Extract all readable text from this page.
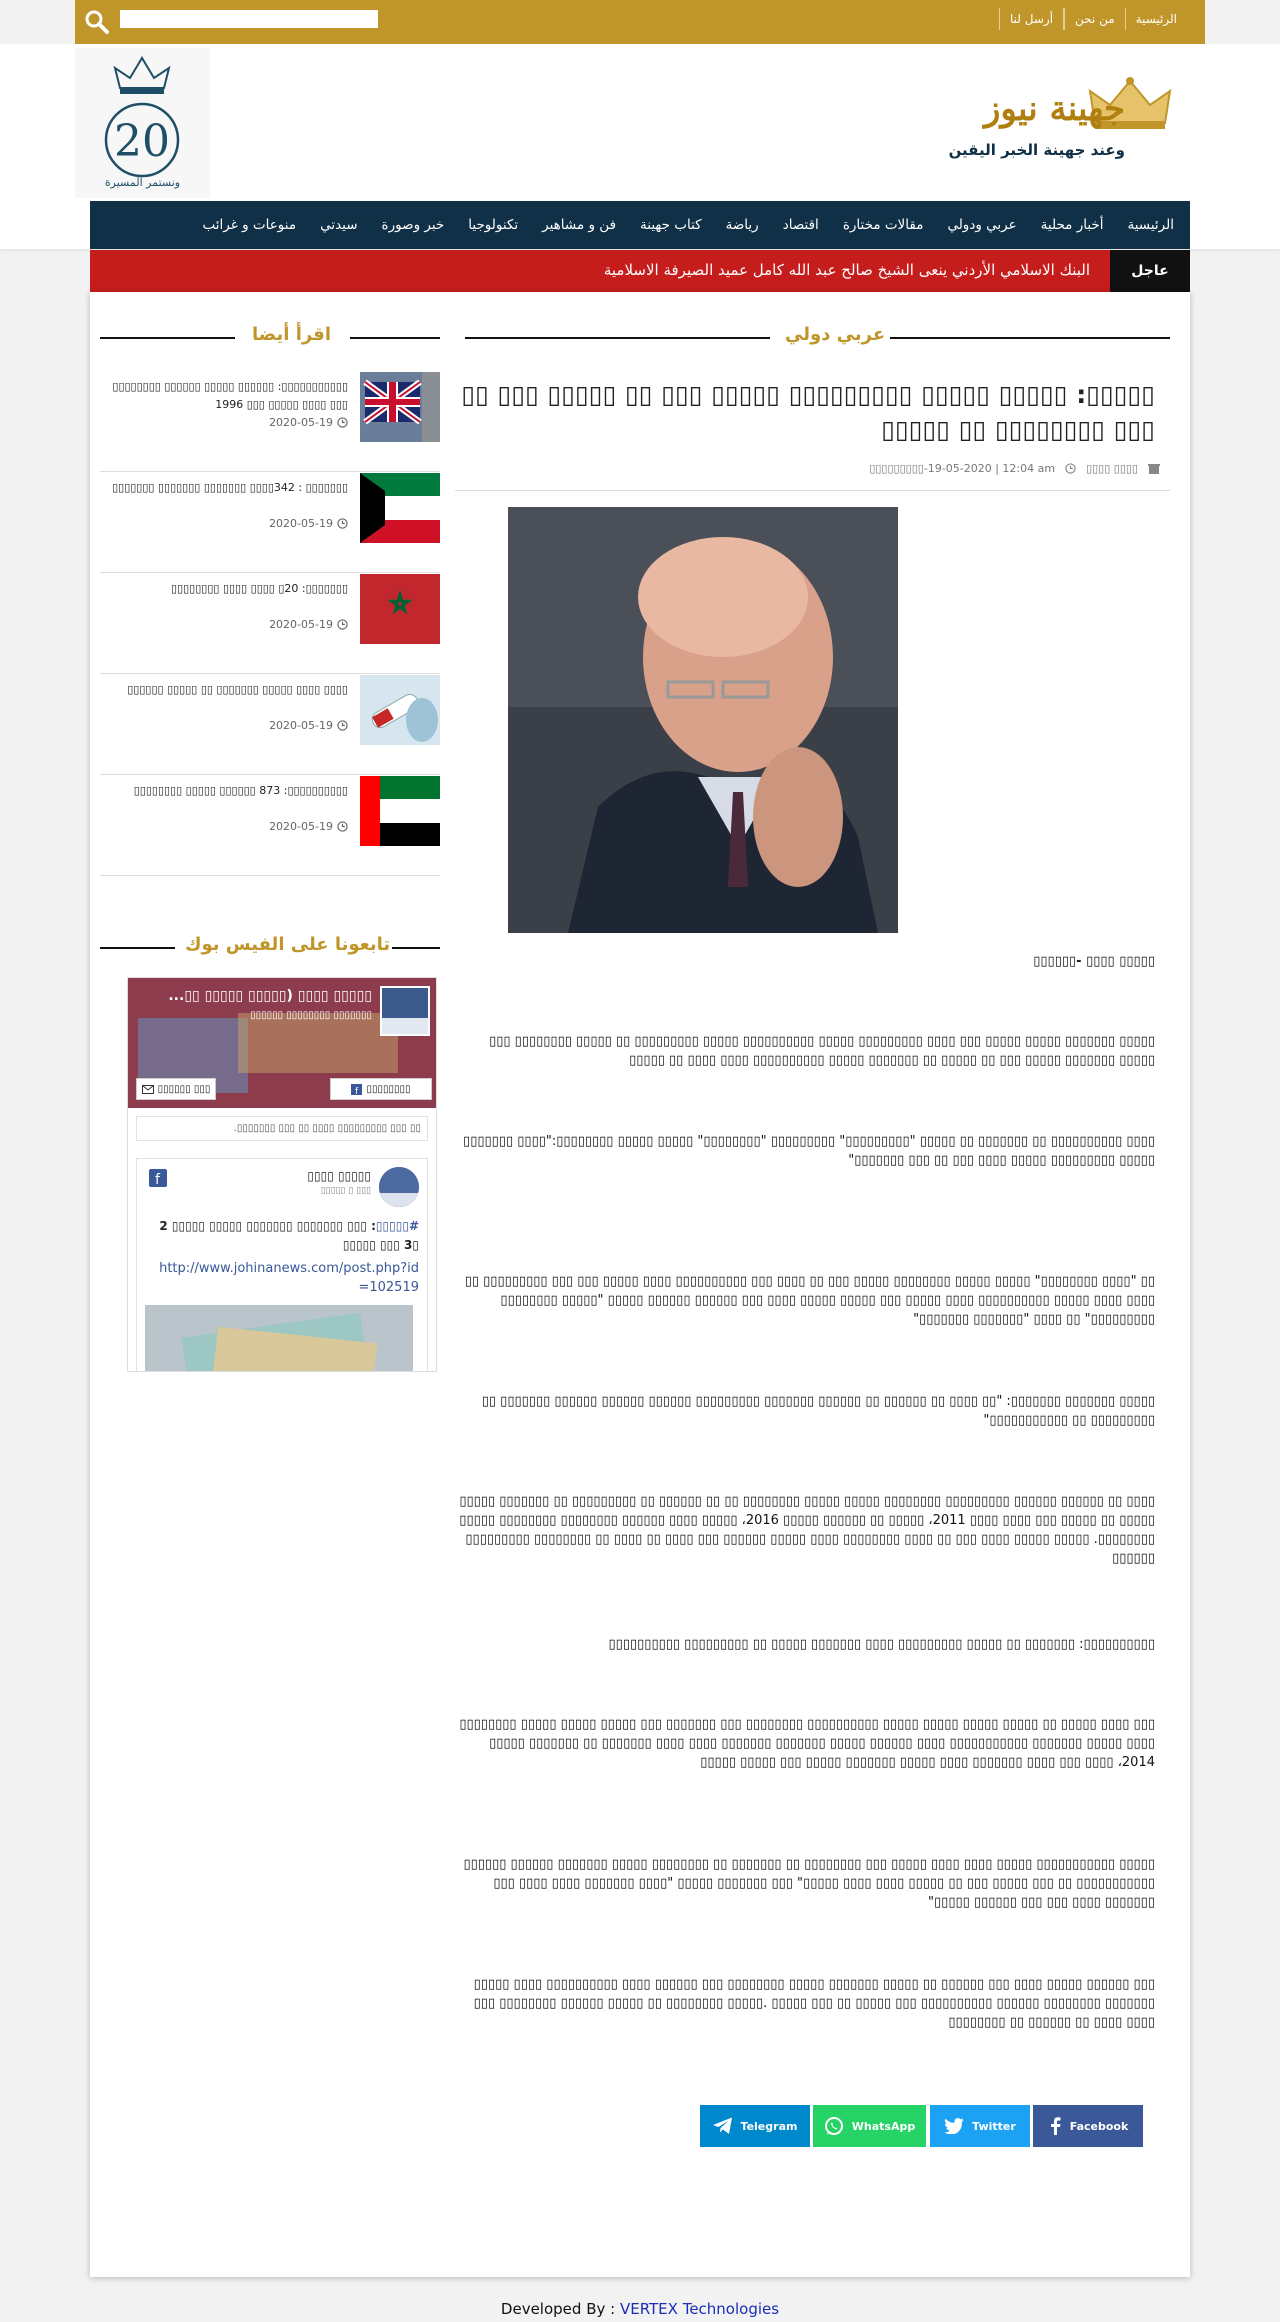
الرئيسية
من نحن
أرسل لنا
جهينة نيوز
وعند جهينة الخبر اليقين
20
ونستمر المسيرة
الرئيسية
أخبار محلية
عربي ودولي
مقالات مختارة
اقتصاد
رياضة
كتاب جهينة
فن و مشاهير
تكنولوجيا
خبر وصورة
سيدتي
منوعات و غرائب
عاجل
البنك الاسلامي الأردني ينعى الشيخ صالح عبد الله كامل عميد الصيرفة الاسلامية
عربي دولي
▯▯▯▯▯: ▯▯▯▯▯ ▯▯▯▯▯ ▯▯▯▯▯▯▯▯▯ ▯▯▯▯▯ ▯▯▯ ▯▯ ▯▯▯▯▯ ▯▯▯ ▯▯ ▯▯▯ ▯▯▯▯▯▯▯▯ ▯▯ ▯▯▯▯▯
▯▯▯▯ ▯▯▯▯
▯▯▯▯▯▯▯▯▯-19-05-2020 | 12:04 am
▯▯▯▯▯ ▯▯▯▯ -▯▯▯▯▯▯
▯▯▯▯▯ ▯▯▯▯▯▯▯ ▯▯▯▯▯ ▯▯▯▯▯ ▯▯▯ ▯▯▯▯ ▯▯▯▯▯▯▯▯▯ ▯▯▯▯▯ ▯▯▯▯▯▯▯▯▯▯ ▯▯▯▯▯ ▯▯▯▯▯▯▯▯▯ ▯▯ ▯▯▯▯▯ ▯▯▯▯▯▯▯▯ ▯▯▯ ▯▯▯▯▯ ▯▯▯▯▯▯▯ ▯▯▯▯▯ ▯▯▯ ▯▯ ▯▯▯▯▯ ▯▯ ▯▯▯▯▯▯▯ ▯▯▯▯▯ ▯▯▯▯▯▯▯▯▯▯ ▯▯▯▯ ▯▯▯▯ ▯▯ ▯▯▯▯▯
▯▯▯▯ ▯▯▯▯▯▯▯▯▯▯ ▯▯ ▯▯▯▯▯▯▯ ▯▯ ▯▯▯▯▯ "▯▯▯▯▯▯▯▯▯" ▯▯▯▯▯▯▯▯▯ "▯▯▯▯▯▯▯▯" ▯▯▯▯▯ ▯▯▯▯▯ ▯▯▯▯▯▯▯▯:"▯▯▯▯ ▯▯▯▯▯▯▯ ▯▯▯▯▯ ▯▯▯▯▯▯▯▯▯ ▯▯▯▯▯ ▯▯▯▯ ▯▯▯ ▯▯ ▯▯▯ ▯▯▯▯▯▯▯"
▯▯ "▯▯▯▯ ▯▯▯▯▯▯▯▯" ▯▯▯▯▯ ▯▯▯▯▯ ▯▯▯▯▯▯▯▯ ▯▯▯▯▯ ▯▯▯ ▯▯ ▯▯▯▯ ▯▯▯ ▯▯▯▯▯▯▯▯▯▯ ▯▯▯▯ ▯▯▯▯▯ ▯▯▯ ▯▯▯ ▯▯▯▯▯▯▯▯▯ ▯▯ ▯▯▯▯ ▯▯▯▯ ▯▯▯▯▯ ▯▯▯▯▯▯▯▯▯▯ ▯▯▯▯ ▯▯▯▯▯ ▯▯▯ ▯▯▯▯▯ ▯▯▯▯▯ ▯▯▯▯ ▯▯▯ ▯▯▯▯▯▯ ▯▯▯▯▯▯ ▯▯▯▯▯ "▯▯▯▯▯ ▯▯▯▯▯▯▯▯ ▯▯▯▯▯▯▯▯▯" ▯▯ ▯▯▯▯ "▯▯▯▯▯▯▯ ▯▯▯▯▯▯▯"
▯▯▯▯▯ ▯▯▯▯▯▯▯ ▯▯▯▯▯▯▯: "▯▯ ▯▯▯▯ ▯▯ ▯▯▯▯▯▯ ▯▯ ▯▯▯▯▯▯ ▯▯▯▯▯▯▯ ▯▯▯▯▯▯▯▯▯ ▯▯▯▯▯▯ ▯▯▯▯▯▯ ▯▯▯▯▯▯ ▯▯▯▯▯▯▯ ▯▯ ▯▯▯▯▯▯▯▯▯ ▯▯ ▯▯▯▯▯▯▯▯▯▯▯"
▯▯▯▯ ▯▯ ▯▯▯▯▯▯ ▯▯▯▯▯▯ ▯▯▯▯▯▯▯▯▯ ▯▯▯▯▯▯▯▯ ▯▯▯▯▯ ▯▯▯▯▯ ▯▯▯▯▯▯▯▯ ▯▯ ▯▯ ▯▯▯▯▯▯ ▯▯ ▯▯▯▯▯▯▯▯▯ ▯▯ ▯▯▯▯▯▯▯ ▯▯▯▯▯ ▯▯▯▯▯ ▯▯ ▯▯▯▯▯ ▯▯▯ ▯▯▯▯ ▯▯▯▯ 2011، ▯▯▯▯▯ ▯▯ ▯▯▯▯▯▯ ▯▯▯▯▯ 2016، ▯▯▯▯▯ ▯▯▯▯ ▯▯▯▯▯▯ ▯▯▯▯▯▯▯▯ ▯▯▯▯▯▯▯▯ ▯▯▯▯▯ ▯▯▯▯▯▯▯▯. ▯▯▯▯▯ ▯▯▯▯▯ ▯▯▯▯ ▯▯▯ ▯▯ ▯▯▯▯ ▯▯▯▯▯▯▯▯ ▯▯▯▯ ▯▯▯▯▯ ▯▯▯▯▯▯ ▯▯▯ ▯▯▯▯ ▯▯ ▯▯▯▯ ▯▯ ▯▯▯▯▯▯▯▯ ▯▯▯▯▯▯▯▯▯ ▯▯▯▯▯▯
▯▯▯▯▯▯▯▯▯▯: ▯▯▯▯▯▯▯ ▯▯ ▯▯▯▯▯ ▯▯▯▯▯▯▯▯▯ ▯▯▯▯ ▯▯▯▯▯▯▯ ▯▯▯▯▯ ▯▯ ▯▯▯▯▯▯▯▯▯ ▯▯▯▯▯▯▯▯▯▯
▯▯▯ ▯▯▯▯ ▯▯▯▯▯ ▯▯ ▯▯▯▯▯ ▯▯▯▯▯ ▯▯▯▯▯ ▯▯▯▯▯ ▯▯▯▯▯▯▯▯▯▯ ▯▯▯▯▯▯▯▯ ▯▯▯ ▯▯▯▯▯▯▯ ▯▯▯ ▯▯▯▯▯ ▯▯▯▯▯ ▯▯▯▯▯ ▯▯▯▯▯▯▯▯ ▯▯▯▯ ▯▯▯▯▯ ▯▯▯▯▯▯▯ ▯▯▯▯▯▯▯▯▯▯▯ ▯▯▯▯ ▯▯▯▯▯▯ ▯▯▯▯▯ ▯▯▯▯▯▯▯ ▯▯▯▯▯▯▯ ▯▯▯▯ ▯▯▯▯ ▯▯▯▯▯▯▯ ▯▯ ▯▯▯▯▯▯▯ ▯▯▯▯▯ 2014، ▯▯▯▯ ▯▯▯ ▯▯▯▯ ▯▯▯▯▯▯▯ ▯▯▯▯ ▯▯▯▯▯ ▯▯▯▯▯▯▯ ▯▯▯▯▯ ▯▯▯ ▯▯▯▯▯ ▯▯▯▯▯
▯▯▯▯▯ ▯▯▯▯▯▯▯▯▯▯▯ ▯▯▯▯▯ ▯▯▯▯ ▯▯▯▯ ▯▯▯▯▯ ▯▯▯ ▯▯▯▯▯▯▯▯ ▯▯ ▯▯▯▯▯▯▯ ▯▯ ▯▯▯▯▯▯▯▯ ▯▯▯▯▯ ▯▯▯▯▯▯▯ ▯▯▯▯▯▯ ▯▯▯▯▯▯ ▯▯▯▯▯▯▯▯▯▯▯ ▯▯ ▯▯▯ ▯▯▯▯▯ ▯▯▯ ▯▯ ▯▯▯▯▯ ▯▯▯▯ ▯▯▯▯ ▯▯▯▯▯" ▯▯▯ ▯▯▯▯▯▯▯ ▯▯▯▯▯ "▯▯▯▯ ▯▯▯▯▯▯▯ ▯▯▯▯ ▯▯▯▯ ▯▯▯ ▯▯▯▯▯▯▯ ▯▯▯▯ ▯▯▯ ▯▯▯ ▯▯▯▯▯▯ ▯▯▯▯▯"
▯▯▯ ▯▯▯▯▯▯ ▯▯▯▯▯ ▯▯▯▯ ▯▯▯ ▯▯▯▯▯▯ ▯▯ ▯▯▯▯▯ ▯▯▯▯▯▯▯ ▯▯▯▯▯ ▯▯▯▯▯▯▯▯ ▯▯▯ ▯▯▯▯▯▯ ▯▯▯▯ ▯▯▯▯▯▯▯▯▯▯ ▯▯▯▯ ▯▯▯▯▯ ▯▯▯▯▯▯▯ ▯▯▯▯▯▯▯▯ ▯▯▯▯▯▯ ▯▯▯▯▯▯▯▯▯▯ ▯▯▯ ▯▯▯▯▯ ▯▯ ▯▯▯ ▯▯▯▯▯ .▯▯▯▯▯ ▯▯▯▯▯▯▯▯ ▯▯ ▯▯▯▯▯ ▯▯▯▯▯▯ ▯▯▯▯▯▯▯▯ ▯▯▯ ▯▯▯▯ ▯▯▯▯ ▯▯ ▯▯▯▯▯▯ ▯▯ ▯▯▯▯▯▯▯▯
Facebook
Twitter
WhatsApp
Telegram
اقرأ أيضا
▯▯▯▯▯▯▯▯▯▯▯: ▯▯▯▯▯▯ ▯▯▯▯▯ ▯▯▯▯▯▯ ▯▯▯▯▯▯▯▯ ▯▯▯ ▯▯▯▯ ▯▯▯▯▯ ▯▯▯ 1996
2020-05-19
▯▯▯▯▯▯▯ : 342▯▯▯▯ ▯▯▯▯▯▯▯ ▯▯▯▯▯▯▯ ▯▯▯▯▯▯▯
2020-05-19
▯▯▯▯▯▯▯: 20▯ ▯▯▯▯ ▯▯▯▯ ▯▯▯▯▯▯▯▯
2020-05-19
▯▯▯▯ ▯▯▯▯ ▯▯▯▯▯ ▯▯▯▯▯▯▯ ▯▯ ▯▯▯▯▯ ▯▯▯▯▯▯
2020-05-19
▯▯▯▯▯▯▯▯▯▯: 873 ▯▯▯▯▯▯ ▯▯▯▯▯ ▯▯▯▯▯▯▯▯
2020-05-19
تابعونا على الفيس بوك
▯▯▯▯▯ ▯▯▯▯ (▯▯▯▯▯ ▯▯▯▯▯ ▯▯...
▯▯▯▯▯▯▯ ▯▯▯▯▯▯▯▯ ▯▯▯▯▯▯
f ▯▯▯▯▯▯▯▯
▯▯▯▯▯▯ ▯▯▯
▯▯ ▯▯▯ ▯▯▯▯▯▯▯▯▯ ▯▯▯▯ ▯▯ ▯▯▯ ▯▯▯▯▯▯▯.
▯▯▯▯▯ ▯▯▯▯
▯▯▯ ▯ ▯▯▯▯▯
f
#▯▯▯▯▯: ▯▯▯ ▯▯▯▯▯▯▯ ▯▯▯▯▯▯▯ ▯▯▯▯▯ ▯▯▯▯▯ 2 ▯3 ▯▯▯ ▯▯▯▯▯
http://www.johinanews.com/post.php?id=102519
Developed By : VERTEX Technologies
